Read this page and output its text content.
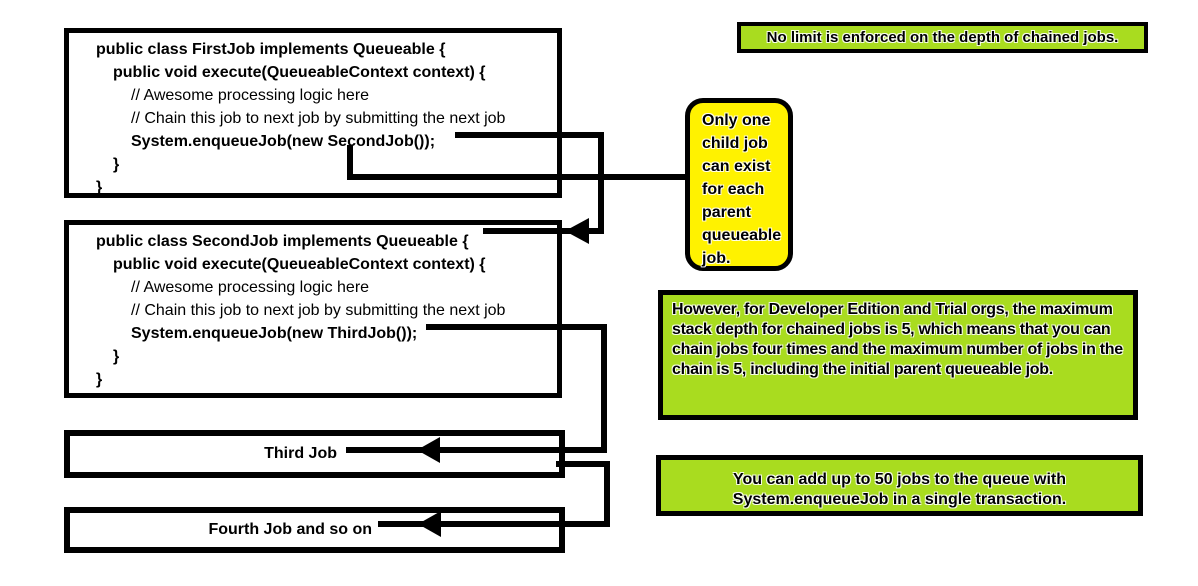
public class FirstJob implements Queueable {
public void execute(QueueableContext context) {
// Awesome processing logic here
// Chain this job to next job by submitting the next job
System.enqueueJob(new SecondJob());
}
}
public class SecondJob implements Queueable {
public void execute(QueueableContext context) {
// Awesome processing logic here
// Chain this job to next job by submitting the next job
System.enqueueJob(new ThirdJob());
}
}
Third Job
Fourth Job and so on
No limit is enforced on the depth of chained jobs.
Only one child job can exist for each parent queueable job.
However, for Developer Edition and Trial orgs, the maximum stack depth for chained jobs is 5, which means that you can chain jobs four times and the maximum number of jobs in the chain is 5, including the initial parent queueable job.
You can add up to 50 jobs to the queue with
System.enqueueJob in a single transaction.
